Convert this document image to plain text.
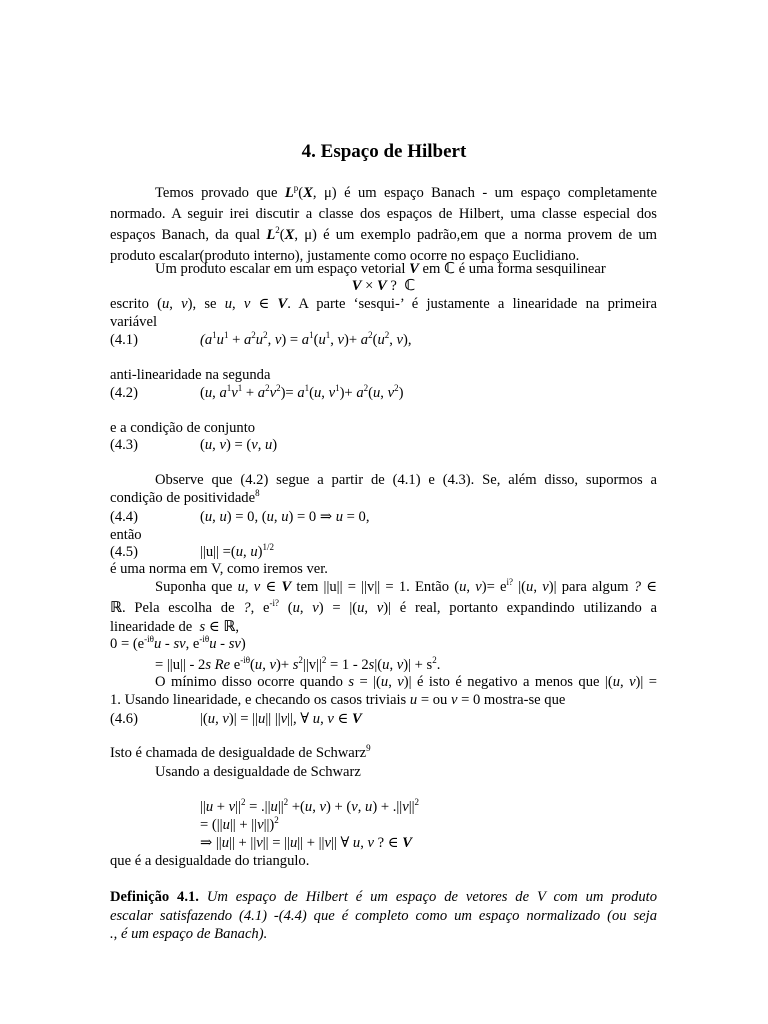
4. Espaço de Hilbert
Temos provado que $L^p(X$, μ) é um espaço Banach - um espaço completamente
normado. A seguir irei discutir a classe dos espaços de Hilbert, uma classe especial dos
espaços Banach, da qual $L^2(X$, μ) é um exemplo padrão,em que a norma provem de um
produto escalar(produto interno), justamente como ocorre no espaço Euclidiano.
Um produto escalar em um espaço vetorial V em ℂ é uma forma sesquilinear
V × V ?  ℂ
escrito (u, v), se u, v ∈ V. A parte ‘sesqui-’ é justamente a linearidade na primeira
variável
(4.1)	($a^1u^1 + a^2u^2$, $v) = a^1(u^1$, $v)+ a^2(u^2$, v),
anti-linearidade na segunda
(4.2)	(u, $a^1v^1 + a^2v^2)= a^1(u$, $v^1)+ a^2(u$, $v^2$)
e a condição de conjunto
(4.3)	(u, v) = (v, u)
Observe que (4.2) segue a partir de (4.1) e (4.3). Se, além disso, supormos a
condição de positividade$^8$
(4.4)	(u, u) = 0, (u, u) = 0 ⇒ u = 0,
então
(4.5)	||u|| =(u, u)$^{1/2}$
é uma norma em V, como iremos ver.
Suponha que u, v ∈ V tem ||u|| = ||v|| = 1. Então (u, $v)= e^{i?}$ |(u, v)| para algum ? ∈
ℝ. Pela escolha de ?, $e^{-i?}$ (u, v) = |(u, v)| é real, portanto expandindo utilizando a
linearidade de  s ∈ ℝ,
$0 = (e^{-i\theta}u$ - sv, $e^{-i\theta}u - sv$)
= ||u|| - 2s Re $e^{-i\theta}(u$, $v)+ s^2||v||^2 = 1 - 2s|(u$, $v)| + s^2$.
O mínimo disso ocorre quando s = |(u, v)| é isto é negativo a menos que |(u, v)| =
1. Usando linearidade, e checando os casos triviais u = ou v = 0 mostra-se que
(4.6)	|(u, v)| = ||u|| ||v||, ∀ u, v ∈ V
Isto é chamada de desigualdade de Schwarz$^9$
Usando a desigualdade de Schwarz
$||u + v||^2 = .||u||^2 +(u$, v) + (v, $u) + .||v||^2$
= $(||u|| + ||v||)^2$
⇒ ||u|| + ||v|| = ||u|| + ||v|| ∀ u, v ? ∈ V
que é a desigualdade do triangulo.
Definição 4.1. Um espaço de Hilbert é um espaço de vetores de V com um produto
escalar satisfazendo (4.1) -(4.4) que é completo como um espaço normalizado (ou seja
., é um espaço de Banach).
